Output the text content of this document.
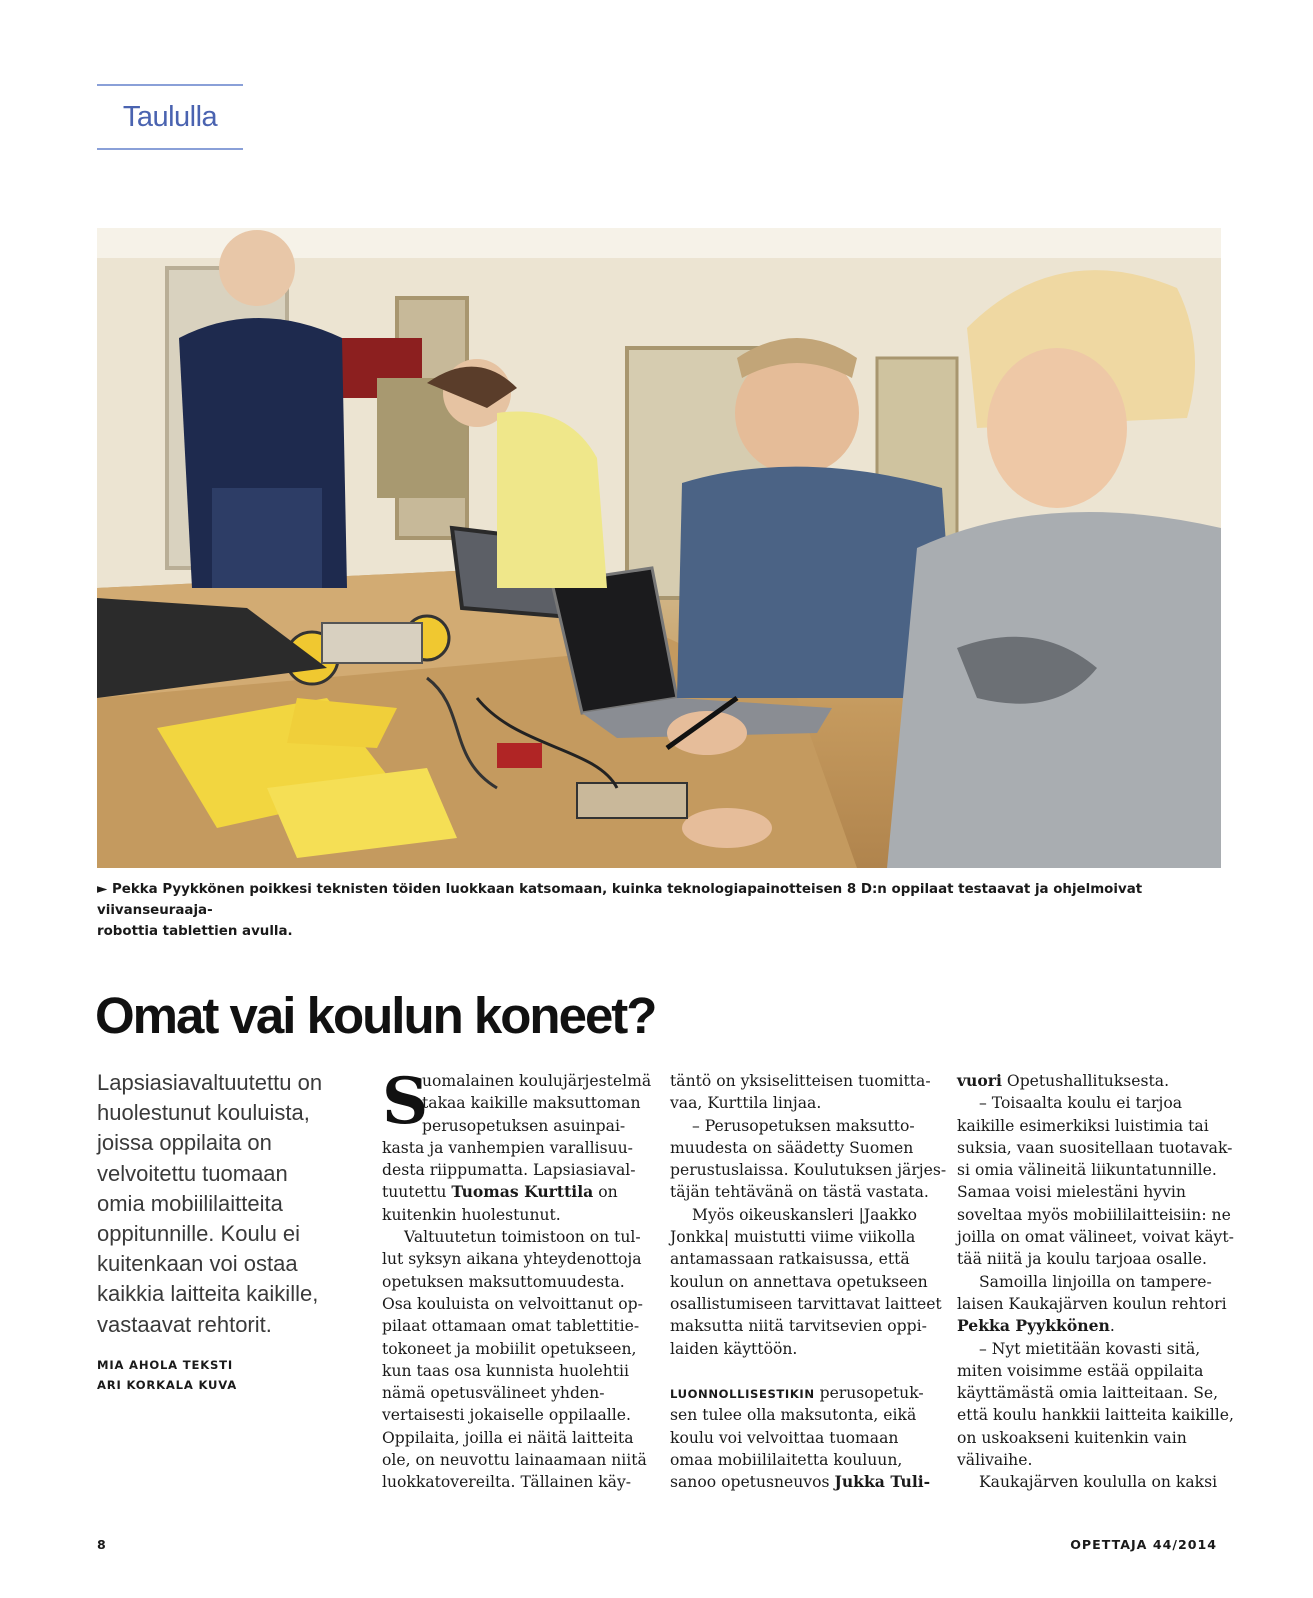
Taululla
► Pekka Pyykkönen poikkesi teknisten töiden luokkaan katsomaan, kuinka teknologiapainotteisen 8 D:n oppilaat testaavat ja ohjelmoivat viivanseuraaja-
robottia tablettien avulla.
Omat vai koulun koneet?
Lapsiasiavaltuutettu on
huolestunut kouluista,
joissa oppilaita on
velvoitettu tuomaan
omia mobiililaitteita
oppitunnille. Koulu ei
kuitenkaan voi ostaa
kaikkia laitteita kaikille,
vastaavat rehtorit.
MIA AHOLA TEKSTI
ARI KORKALA KUVA
S
uomalainen koulujärjestelmä
takaa kaikille maksuttoman
perusopetuksen asuinpai-
kasta ja vanhempien varallisuu-
desta riippumatta. Lapsiasiaval-
tuutettu Tuomas Kurttila on
kuitenkin huolestunut.
Valtuutetun toimistoon on tul-
lut syksyn aikana yhteydenottoja
opetuksen maksuttomuudesta.
Osa kouluista on velvoittanut op-
pilaat ottamaan omat tablettitie-
tokoneet ja mobiilit opetukseen,
kun taas osa kunnista huolehtii
nämä opetusvälineet yhden-
vertaisesti jokaiselle oppilaalle.
Oppilaita, joilla ei näitä laitteita
ole, on neuvottu lainaamaan niitä
luokkatovereilta. Tällainen käy-
täntö on yksiselitteisen tuomitta-
vaa, Kurttila linjaa.
– Perusopetuksen maksutto-
muudesta on säädetty Suomen
perustuslaissa. Koulutuksen järjes-
täjän tehtävänä on tästä vastata.
Myös oikeuskansleri |Jaakko
Jonkka| muistutti viime viikolla
antamassaan ratkaisussa, että
koulun on annettava opetukseen
osallistumiseen tarvittavat laitteet
maksutta niitä tarvitsevien oppi-
laiden käyttöön.
LUONNOLLISESTIKIN perusopetuk-
sen tulee olla maksutonta, eikä
koulu voi velvoittaa tuomaan
omaa mobiililaitetta kouluun,
sanoo opetusneuvos Jukka Tuli-
vuori Opetushallituksesta.
– Toisaalta koulu ei tarjoa
kaikille esimerkiksi luistimia tai
suksia, vaan suositellaan tuotavak-
si omia välineitä liikuntatunnille.
Samaa voisi mielestäni hyvin
soveltaa myös mobiililaitteisiin: ne
joilla on omat välineet, voivat käyt-
tää niitä ja koulu tarjoaa osalle.
Samoilla linjoilla on tampere-
laisen Kaukajärven koulun rehtori
Pekka Pyykkönen.
– Nyt mietitään kovasti sitä,
miten voisimme estää oppilaita
käyttämästä omia laitteitaan. Se,
että koulu hankkii laitteita kaikille,
on uskoakseni kuitenkin vain
välivaihe.
Kaukajärven koululla on kaksi
8	OPETTAJA 44/2014
